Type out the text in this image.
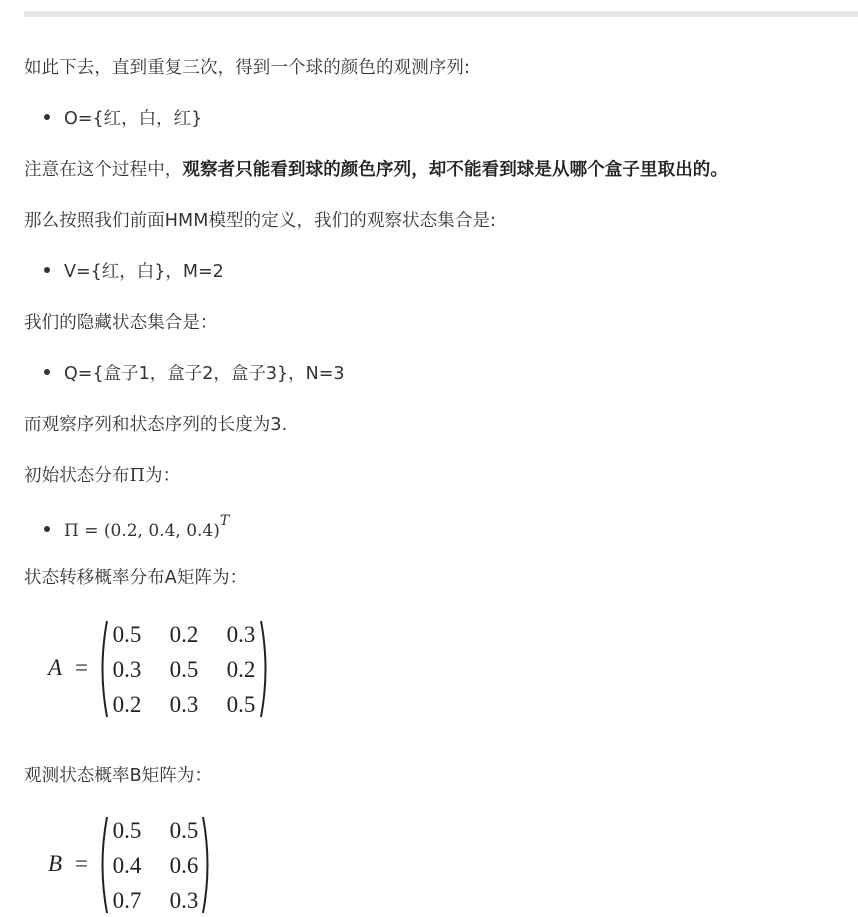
如此下去，直到重复三次，得到一个球的颜色的观测序列:
O={红，白，红}
注意在这个过程中，观察者只能看到球的颜色序列，却不能看到球是从哪个盒子里取出的。
那么按照我们前面HMM模型的定义，我们的观察状态集合是:
V={红，白}，M=2
我们的隐藏状态集合是：
Q={盒子1，盒子2，盒子3}，N=3
而观察序列和状态序列的长度为3.
初始状态分布Π为：
Π = (0.2, 0.4, 0.4)$^T$
状态转移概率分布A矩阵为：
A =
0.5	0.2	0.3
0.3	0.5	0.2
0.2	0.3	0.5
观测状态概率B矩阵为：
B =
0.5	0.5
0.4	0.6
0.7	0.3
